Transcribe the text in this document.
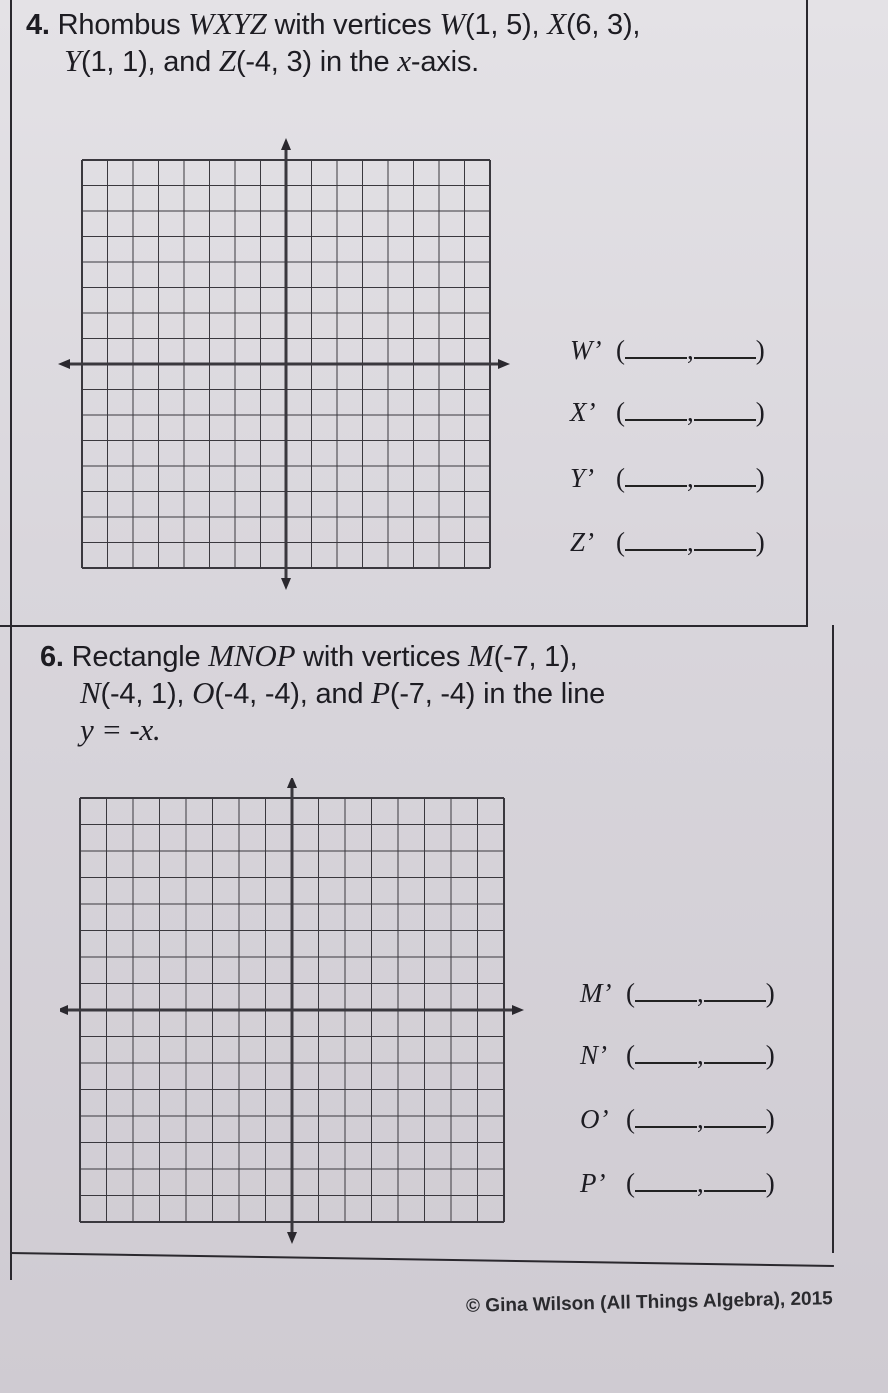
4. Rhombus WXYZ with vertices W(1, 5), X(6, 3),
Y(1, 1), and Z(-4, 3) in the x-axis.
W’ ( , )
X’ ( , )
Y’ ( , )
Z’ ( , )
6. Rectangle MNOP with vertices M(-7, 1),
N(-4, 1), O(-4, -4), and P(-7, -4) in the line
y = -x.
M’ ( , )
N’ ( , )
O’ ( , )
P’ ( , )
© Gina Wilson (All Things Algebra), 2015
